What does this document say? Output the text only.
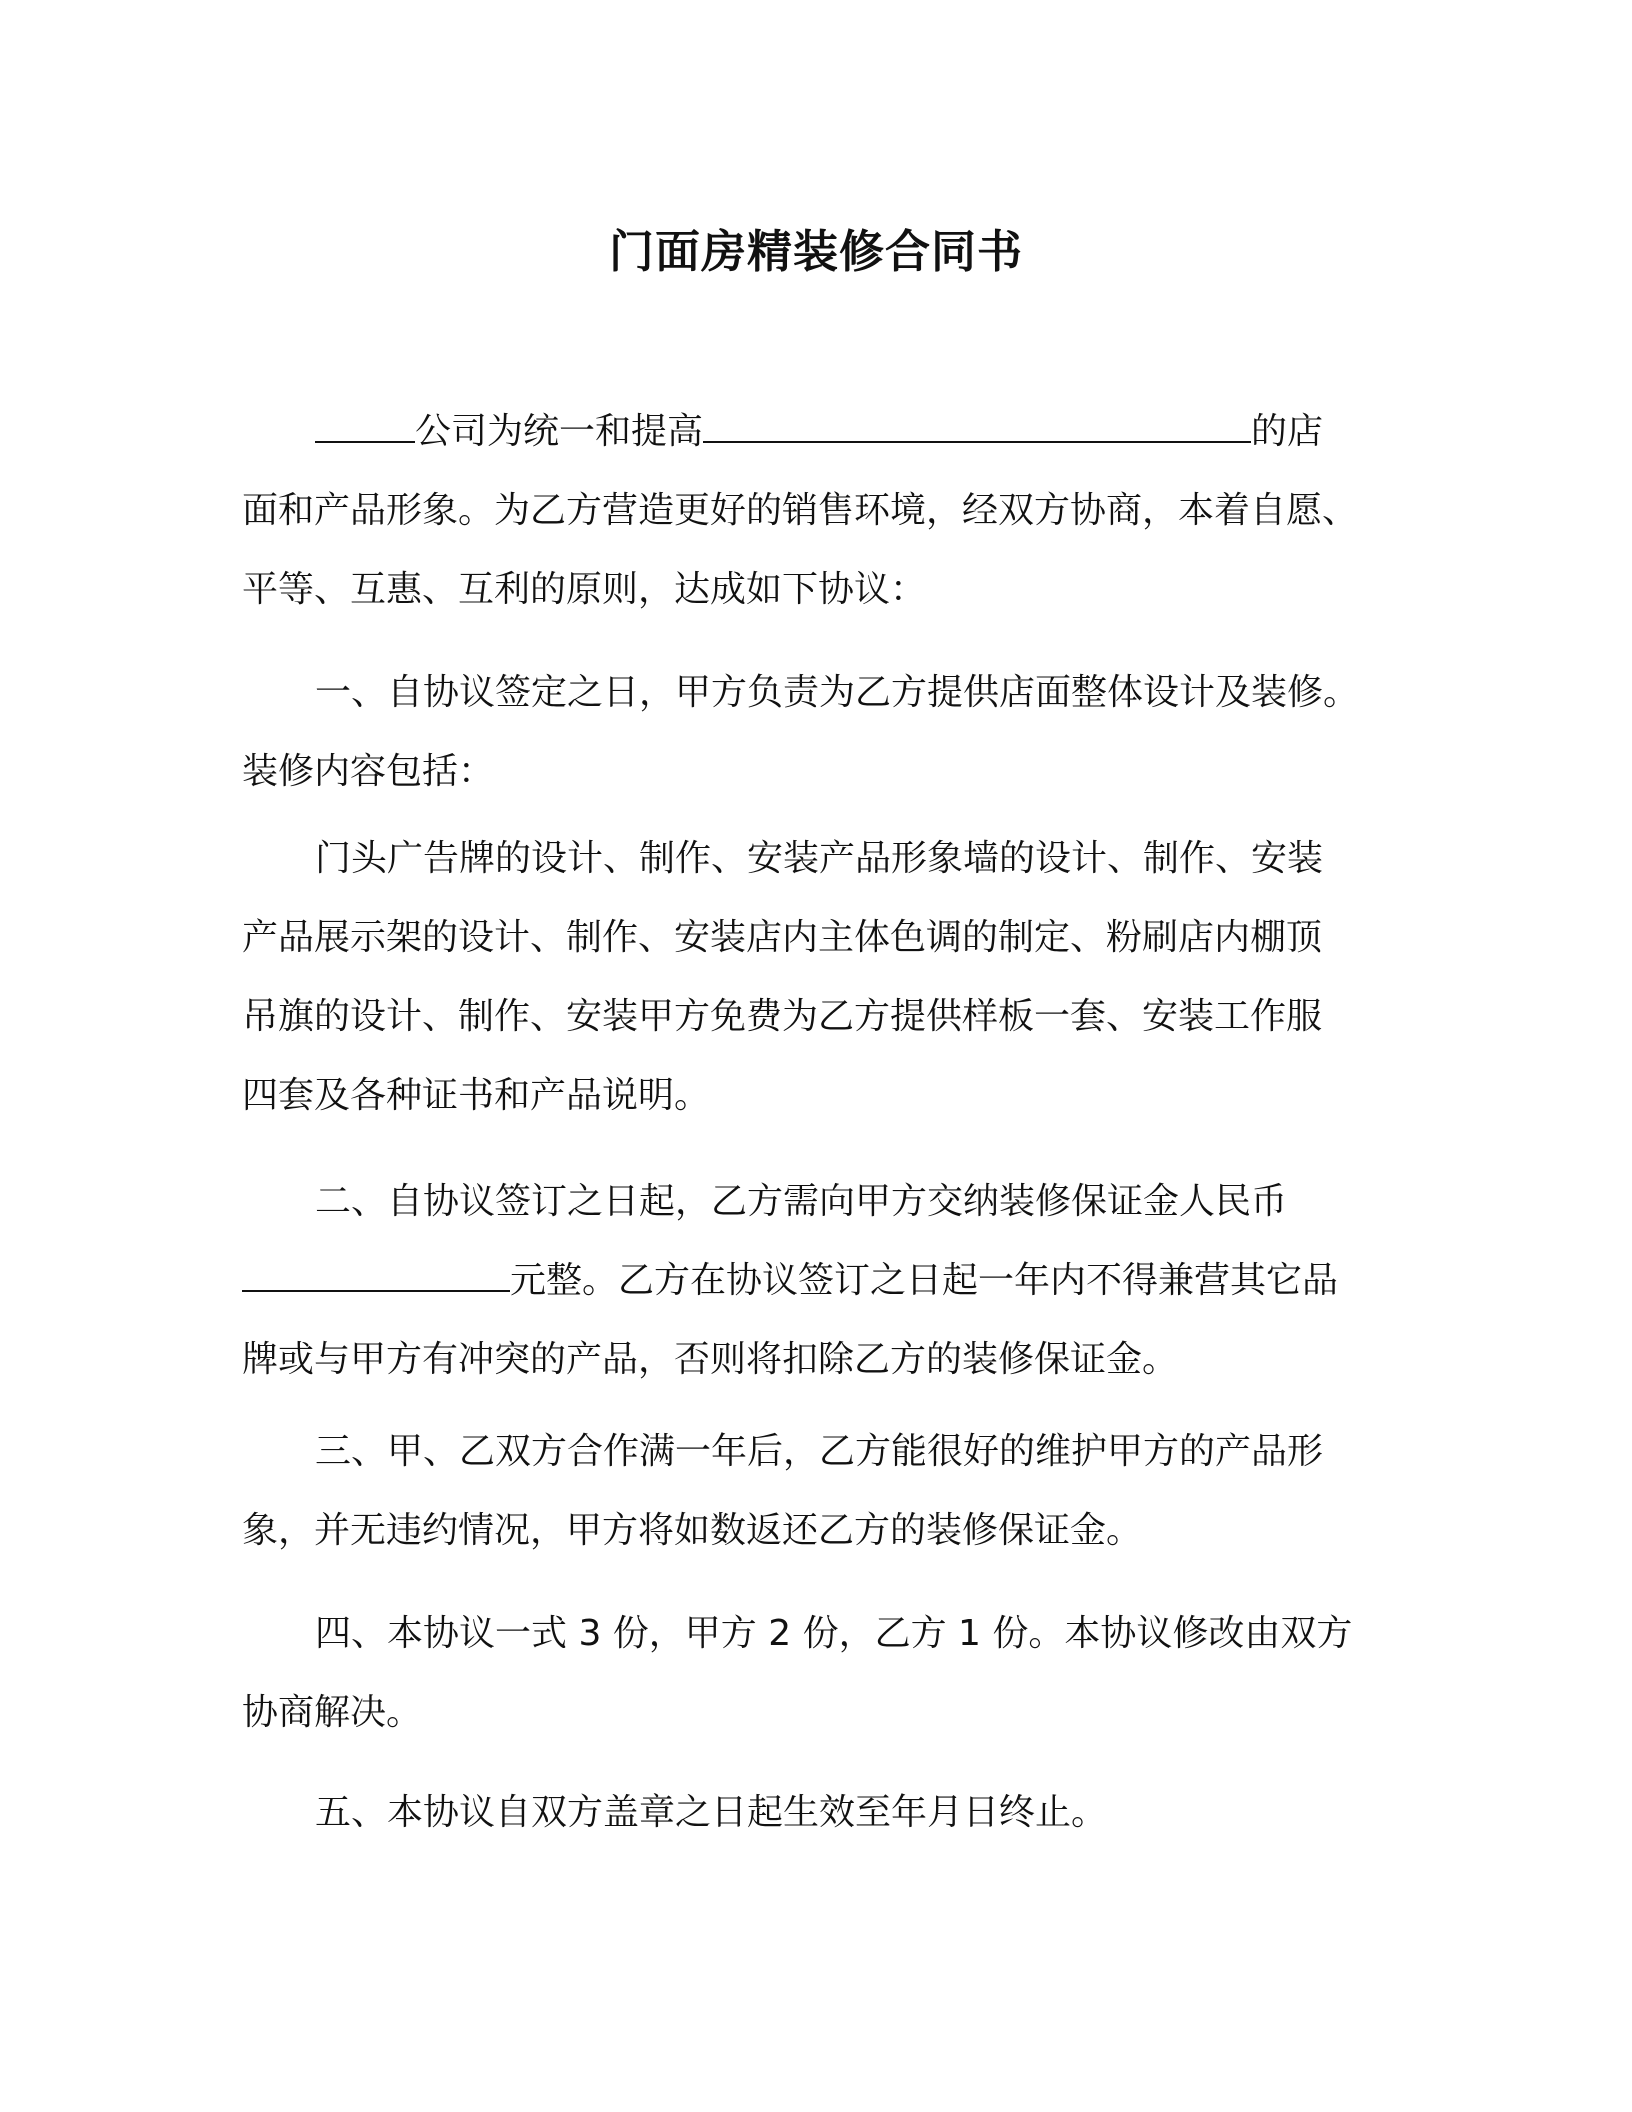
门面房精装修合同书
公司为统一和提高	的店
面和产品形象。为乙方营造更好的销售环境，经双方协商，本着自愿、
平等、互惠、互利的原则，达成如下协议：
一、自协议签定之日，甲方负责为乙方提供店面整体设计及装修。
装修内容包括：
门头广告牌的设计、制作、安装产品形象墙的设计、制作、安装
产品展示架的设计、制作、安装店内主体色调的制定、粉刷店内棚顶
吊旗的设计、制作、安装甲方免费为乙方提供样板一套、安装工作服
四套及各种证书和产品说明。
二、自协议签订之日起，乙方需向甲方交纳装修保证金人民币
元整。乙方在协议签订之日起一年内不得兼营其它品
牌或与甲方有冲突的产品，否则将扣除乙方的装修保证金。
三、甲、乙双方合作满一年后，乙方能很好的维护甲方的产品形
象，并无违约情况，甲方将如数返还乙方的装修保证金。
四、本协议一式 3 份，甲方 2 份，乙方 1 份。本协议修改由双方
协商解决。
五、本协议自双方盖章之日起生效至年月日终止。
